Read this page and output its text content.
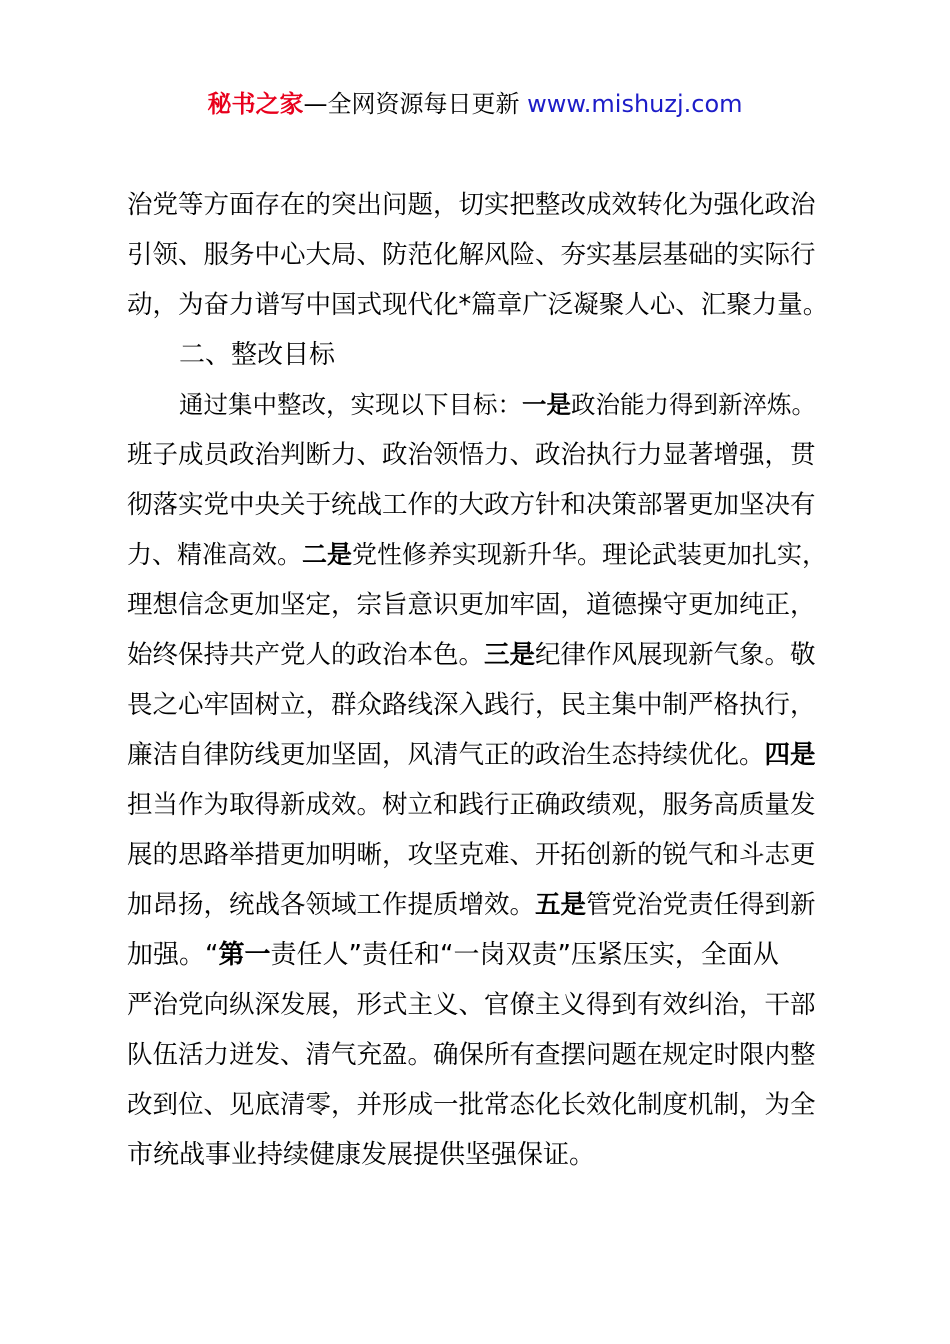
秘书之家—全网资源每日更新 www.mishuzj.com
治党等方面存在的突出问题，切实把整改成效转化为强化政治
引领、服务中心大局、防范化解风险、夯实基层基础的实际行
动，为奋力谱写中国式现代化*篇章广泛凝聚人心、汇聚力量。
二、整改目标
通过集中整改，实现以下目标：一是政治能力得到新淬炼。
班子成员政治判断力、政治领悟力、政治执行力显著增强，贯
彻落实党中央关于统战工作的大政方针和决策部署更加坚决有
力、精准高效。二是党性修养实现新升华。理论武装更加扎实，
理想信念更加坚定，宗旨意识更加牢固，道德操守更加纯正，
始终保持共产党人的政治本色。三是纪律作风展现新气象。敬
畏之心牢固树立，群众路线深入践行，民主集中制严格执行，
廉洁自律防线更加坚固，风清气正的政治生态持续优化。四是
担当作为取得新成效。树立和践行正确政绩观，服务高质量发
展的思路举措更加明晰，攻坚克难、开拓创新的锐气和斗志更
加昂扬，统战各领域工作提质增效。五是管党治党责任得到新
加强。“第一责任人”责任和“一岗双责”压紧压实，全面从
严治党向纵深发展，形式主义、官僚主义得到有效纠治，干部
队伍活力迸发、清气充盈。确保所有查摆问题在规定时限内整
改到位、见底清零，并形成一批常态化长效化制度机制，为全
市统战事业持续健康发展提供坚强保证。
